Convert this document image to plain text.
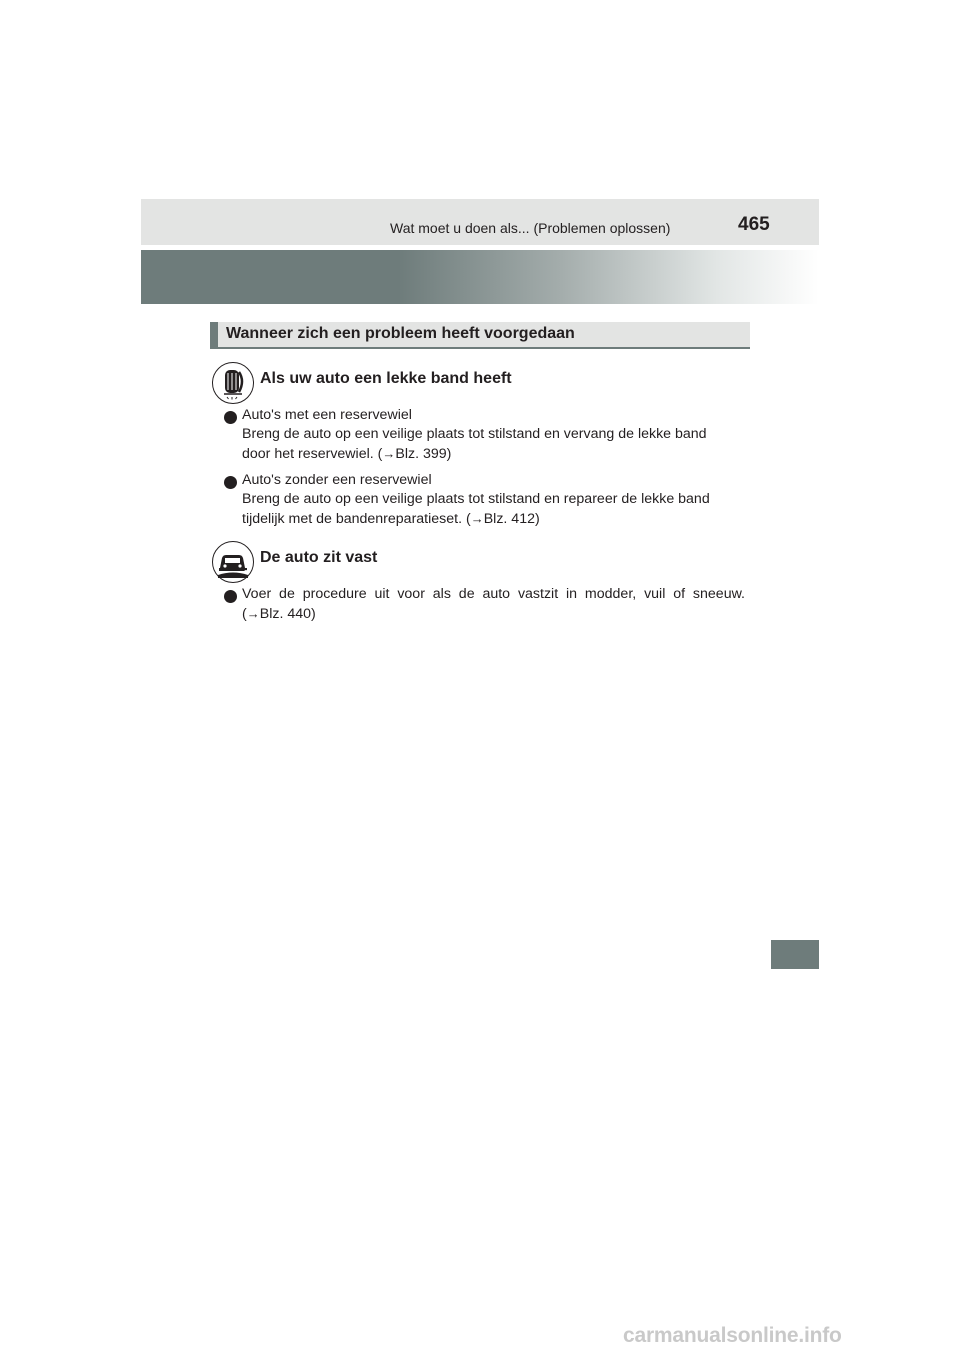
Wat moet u doen als... (Problemen oplossen)	465
Wanneer zich een probleem heeft voorgedaan
Als uw auto een lekke band heeft
Auto's met een reservewiel
Breng de auto op een veilige plaats tot stilstand en vervang de lekke band
door het reservewiel. (→Blz. 399)
Auto's zonder een reservewiel
Breng de auto op een veilige plaats tot stilstand en repareer de lekke band
tijdelijk met de bandenreparatieset. (→Blz. 412)
De auto zit vast
Voer de procedure uit voor als de auto vastzit in modder, vuil of sneeuw.
(→Blz. 440)
carmanualsonline.info
